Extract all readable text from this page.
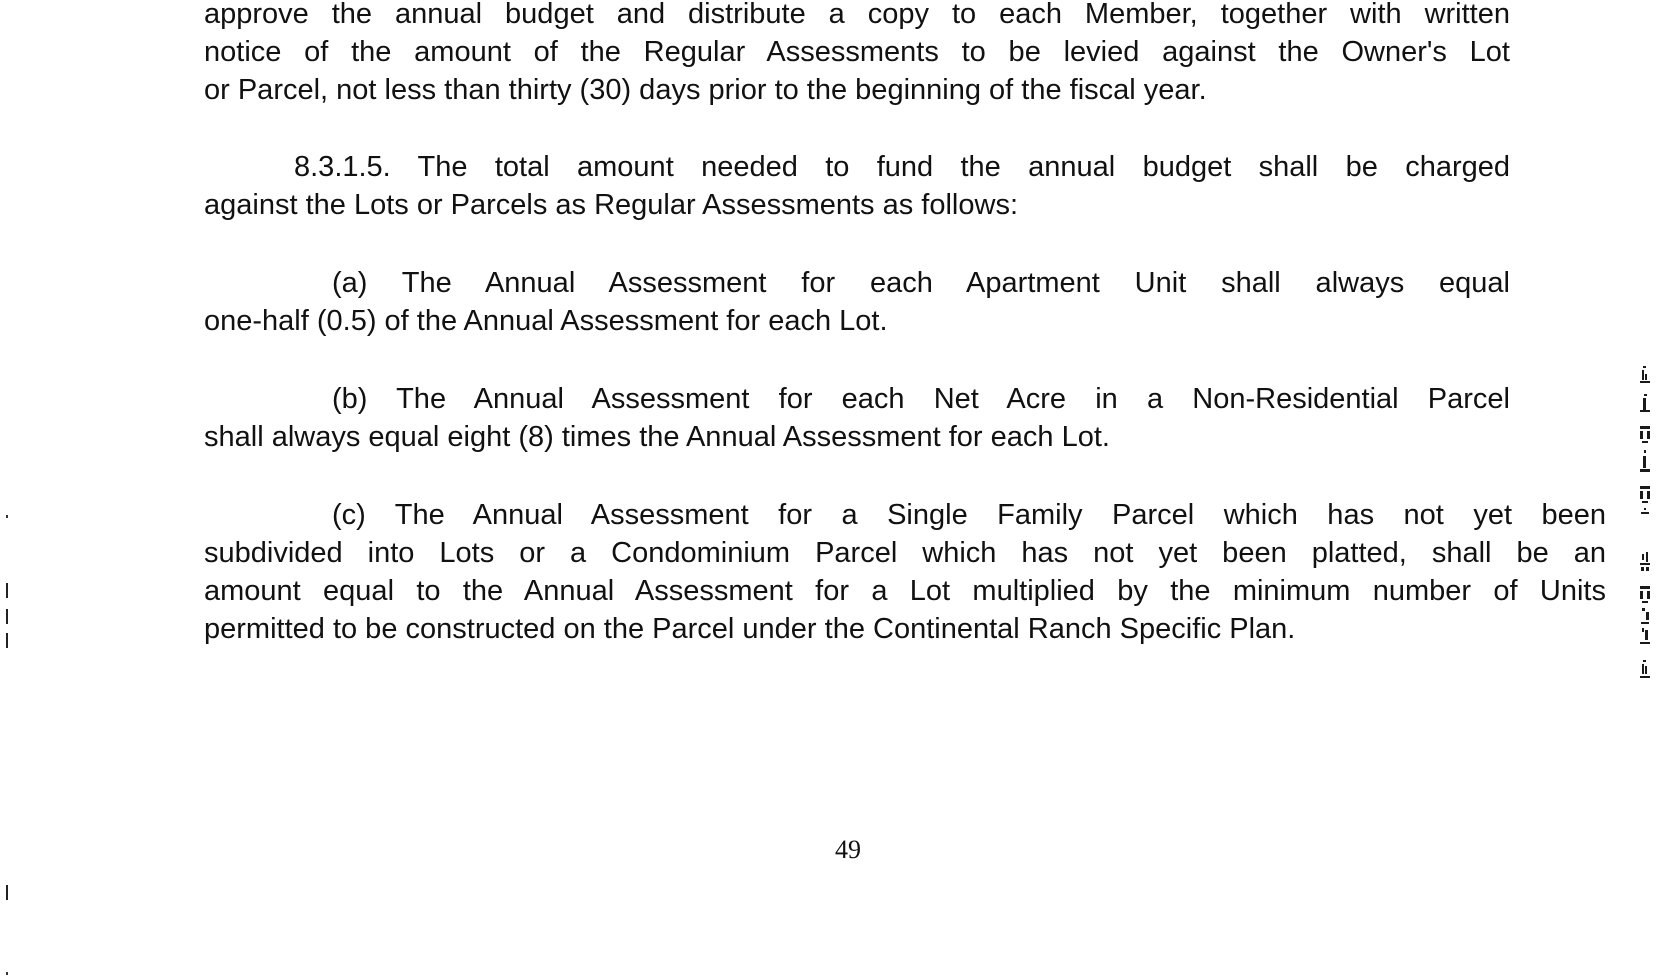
approve the annual budget and distribute a copy to each Member, together with written
notice of the amount of the Regular Assessments to be levied against the Owner's Lot
or Parcel, not less than thirty (30) days prior to the beginning of the fiscal year.
8.3.1.5. The total amount needed to fund the annual budget shall be charged
against the Lots or Parcels as Regular Assessments as follows:
(a) The Annual Assessment for each Apartment Unit shall always equal
one-half (0.5) of the Annual Assessment for each Lot.
(b) The Annual Assessment for each Net Acre in a Non-Residential Parcel
shall always equal eight (8) times the Annual Assessment for each Lot.
(c) The Annual Assessment for a Single Family Parcel which has not yet been
subdivided into Lots or a Condominium Parcel which has not yet been platted, shall be an
amount equal to the Annual Assessment for a Lot multiplied by the minimum number of Units
permitted to be constructed on the Parcel under the Continental Ranch Specific Plan.
49
